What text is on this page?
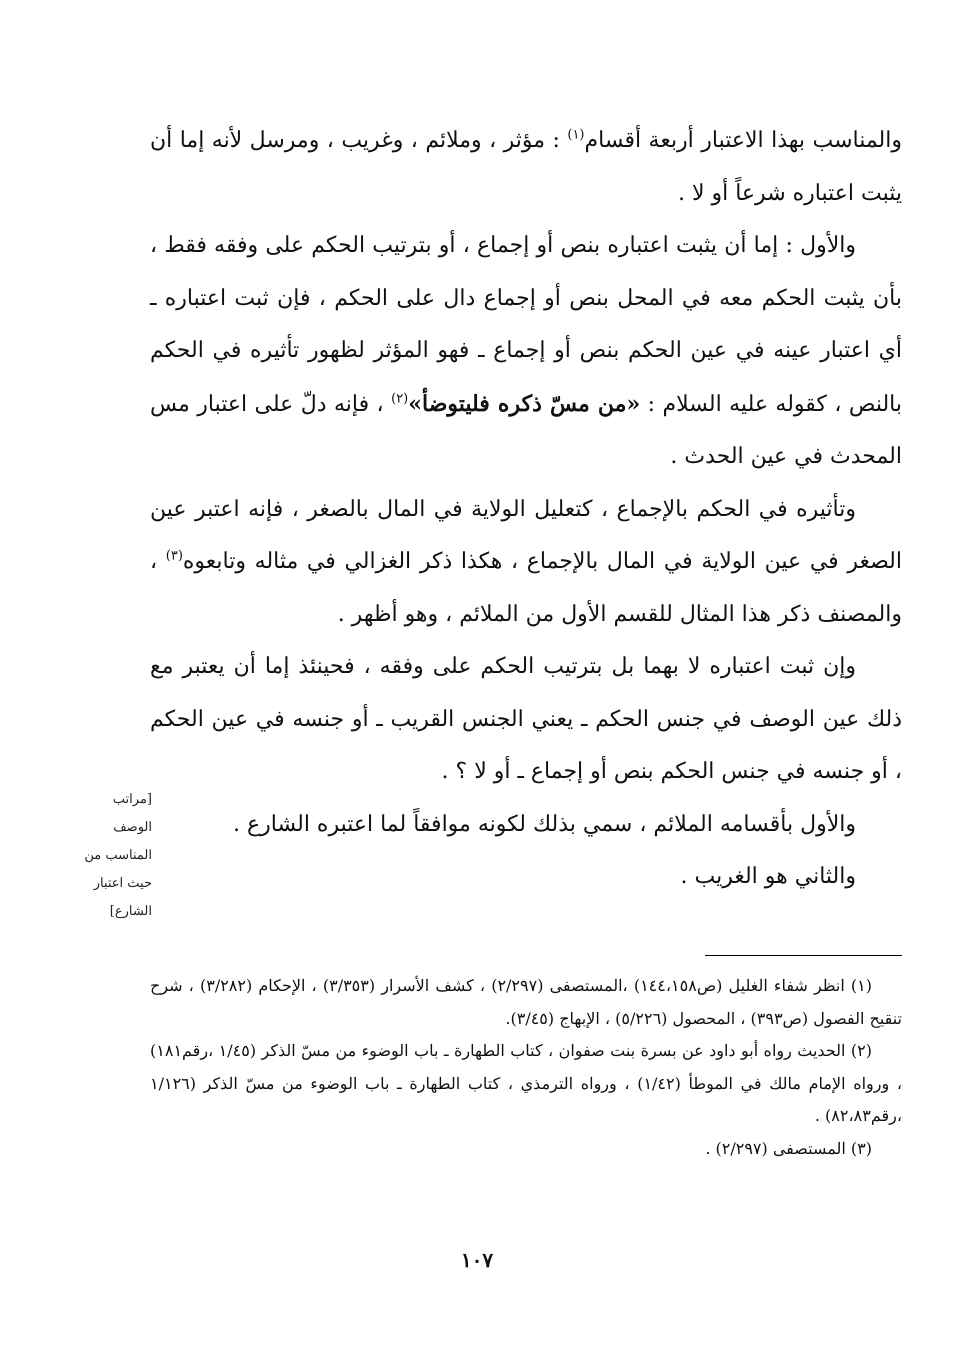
والمناسب بهذا الاعتبار أربعة أقسام$^{(١)}$ : مؤثر ، وملائم ، وغريب ، ومرسل لأنه إما أن يثبت اعتباره شرعاً أو لا .

والأول : إما أن يثبت اعتباره بنص أو إجماع ، أو بترتيب الحكم على وفقه فقط ، بأن يثبت الحكم معه في المحل بنص أو إجماع دال على الحكم ، فإن ثبت اعتباره ـ أي اعتبار عينه في عين الحكم بنص أو إجماع ـ فهو المؤثر لظهور تأثيره في الحكم بالنص ، كقوله عليه السلام : «من مسّ ذكره فليتوضأ»$^{(٢)}$ ، فإنه دلّ على اعتبار مس المحدث في عين الحدث .

وتأثيره في الحكم بالإجماع ، كتعليل الولاية في المال بالصغر ، فإنه اعتبر عين الصغر في عين الولاية في المال بالإجماع ، هكذا ذكر الغزالي في مثاله وتابعوه$^{(٣)}$ ، والمصنف ذكر هذا المثال للقسم الأول من الملائم ، وهو أظهر .

وإن ثبت اعتباره لا بهما بل بترتيب الحكم على وفقه ، فحينئذ إما أن يعتبر مع ذلك عين الوصف في جنس الحكم ـ يعني الجنس القريب ـ أو جنسه في عين الحكم ، أو جنسه في جنس الحكم بنص أو إجماع ـ أو لا ؟ .

والأول بأقسامه الملائم ، سمي بذلك لكونه موافقاً لما اعتبره الشارع .

والثاني هو الغريب .

[مراتب
الوصف
المناسب من
حيث اعتبار
الشارع]

(١) انظر شفاء الغليل (ص١٤٤،١٥٨) ،المستصفى (٢/٢٩٧) ، كشف الأسرار (٣/٣٥٣) ، الإحكام (٣/٢٨٢) ، شرح تنقيح الفصول (ص٣٩٣) ، المحصول (٥/٢٢٦) ، الإبهاج (٣/٤٥).

(٢) الحديث رواه أبو داود عن بسرة بنت صفوان ، كتاب الطهارة ـ باب الوضوء من مسّ الذكر (١/٤٥ ،رقم١٨١) ، ورواه الإمام مالك في الموطأ (١/٤٢) ، ورواه الترمذي ، كتاب الطهارة ـ باب الوضوء من مسّ الذكر (١/١٢٦ ،رقم٨٢،٨٣) .

(٣) المستصفى (٢/٢٩٧) .

١٠٧
